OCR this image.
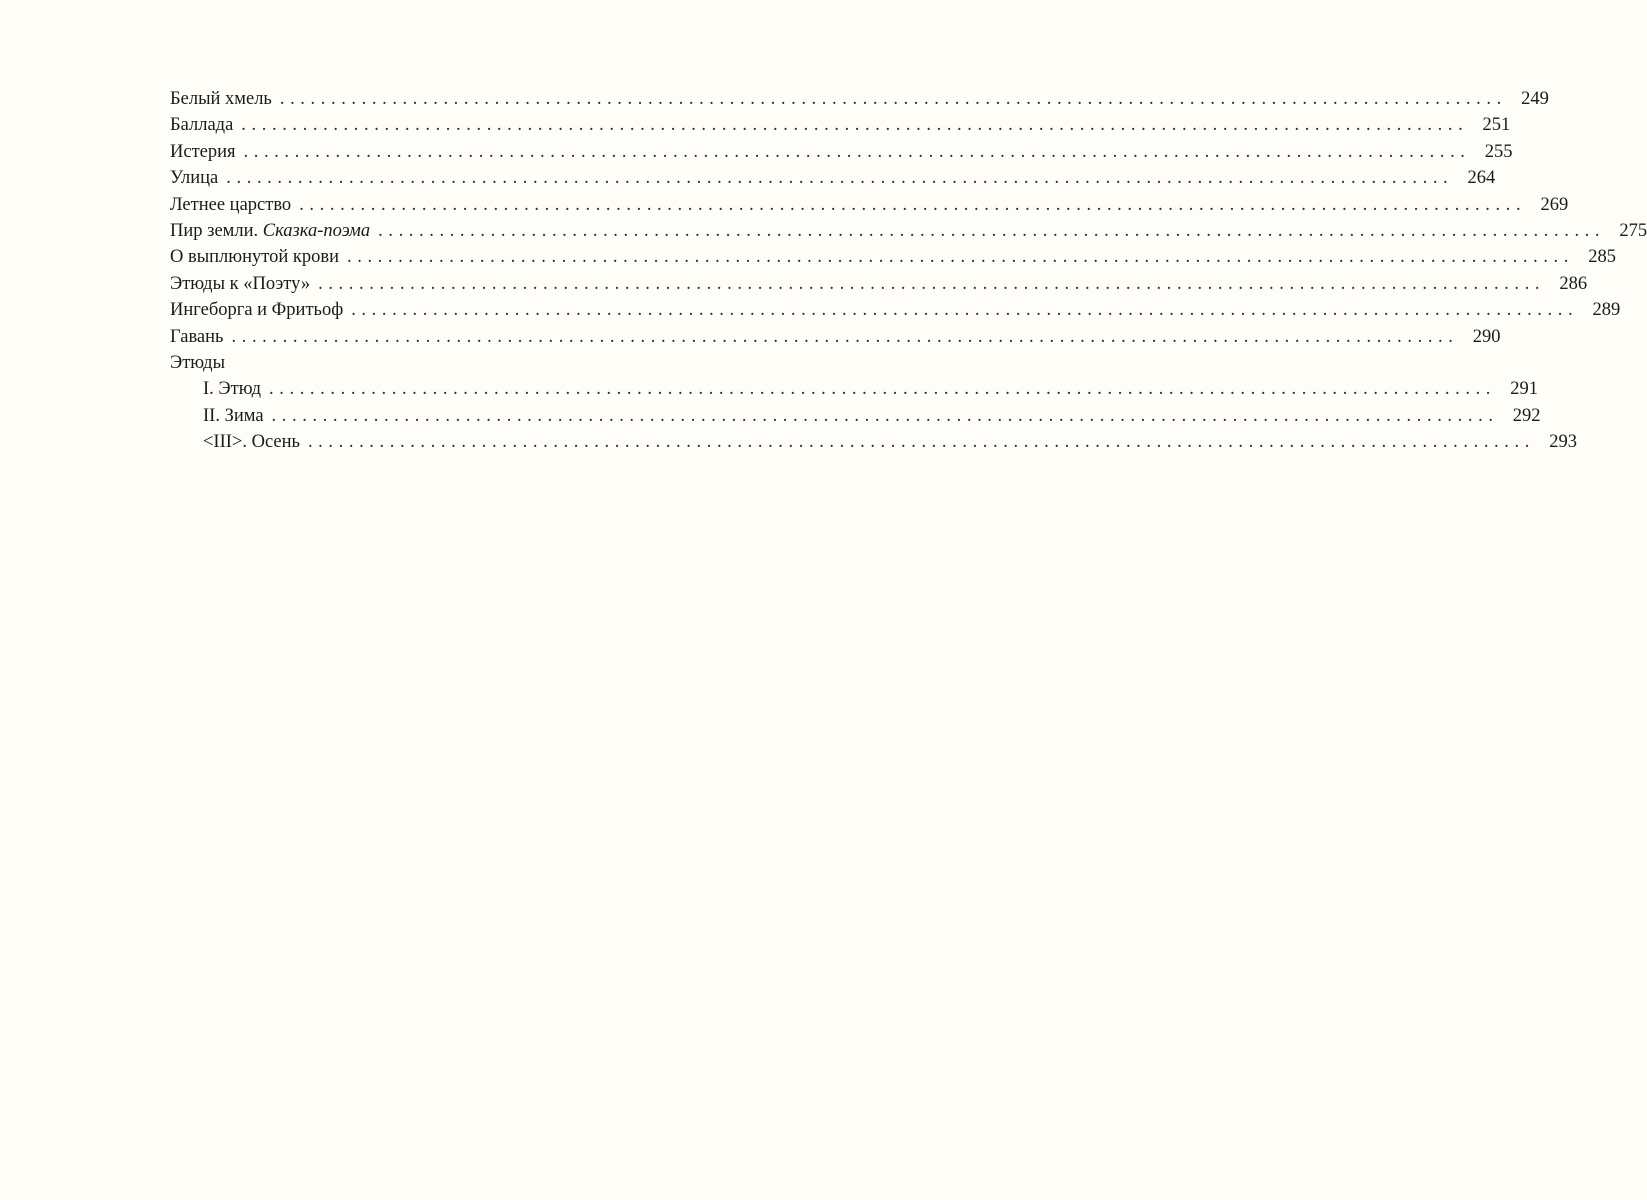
Белый хмель ........................................................................................................................ 249
Баллада ........................................................................................................................ 251
Истерия ........................................................................................................................ 255
Улица ........................................................................................................................ 264
Летнее царство ........................................................................................................................ 269
Пир земли. Сказка-поэма ........................................................................................................................ 275
О выплюнутой крови ........................................................................................................................ 285
Этюды к «Поэту» ........................................................................................................................ 286
Ингеборга и Фритьоф ........................................................................................................................ 289
Гавань ........................................................................................................................ 290
Этюды
I. Этюд ........................................................................................................................ 291
II. Зима ........................................................................................................................ 292
<III>. Осень ........................................................................................................................ 293
